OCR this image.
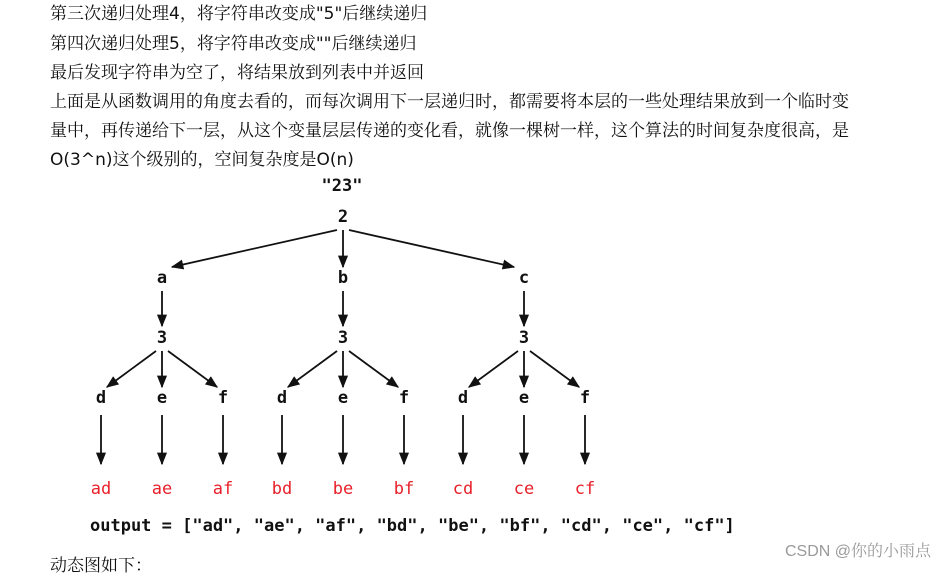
第三次递归处理4，将字符串改变成"5"后继续递归
第四次递归处理5，将字符串改变成""后继续递归
最后发现字符串为空了，将结果放到列表中并返回
上面是从函数调用的角度去看的，而每次调用下一层递归时，都需要将本层的一些处理结果放到一个临时变
量中，再传递给下一层，从这个变量层层传递的变化看，就像一棵树一样，这个算法的时间复杂度很高，是
O(3^n)这个级别的，空间复杂度是O(n)
2
a
3
d
ad
e
ae
f
af
b
3
d
bd
e
be
f
bf
c
3
d
cd
e
ce
f
cf
"23"
output = ["ad", "ae", "af", "bd", "be", "bf", "cd", "ce", "cf"]
动态图如下：
CSDN @你的小雨点
